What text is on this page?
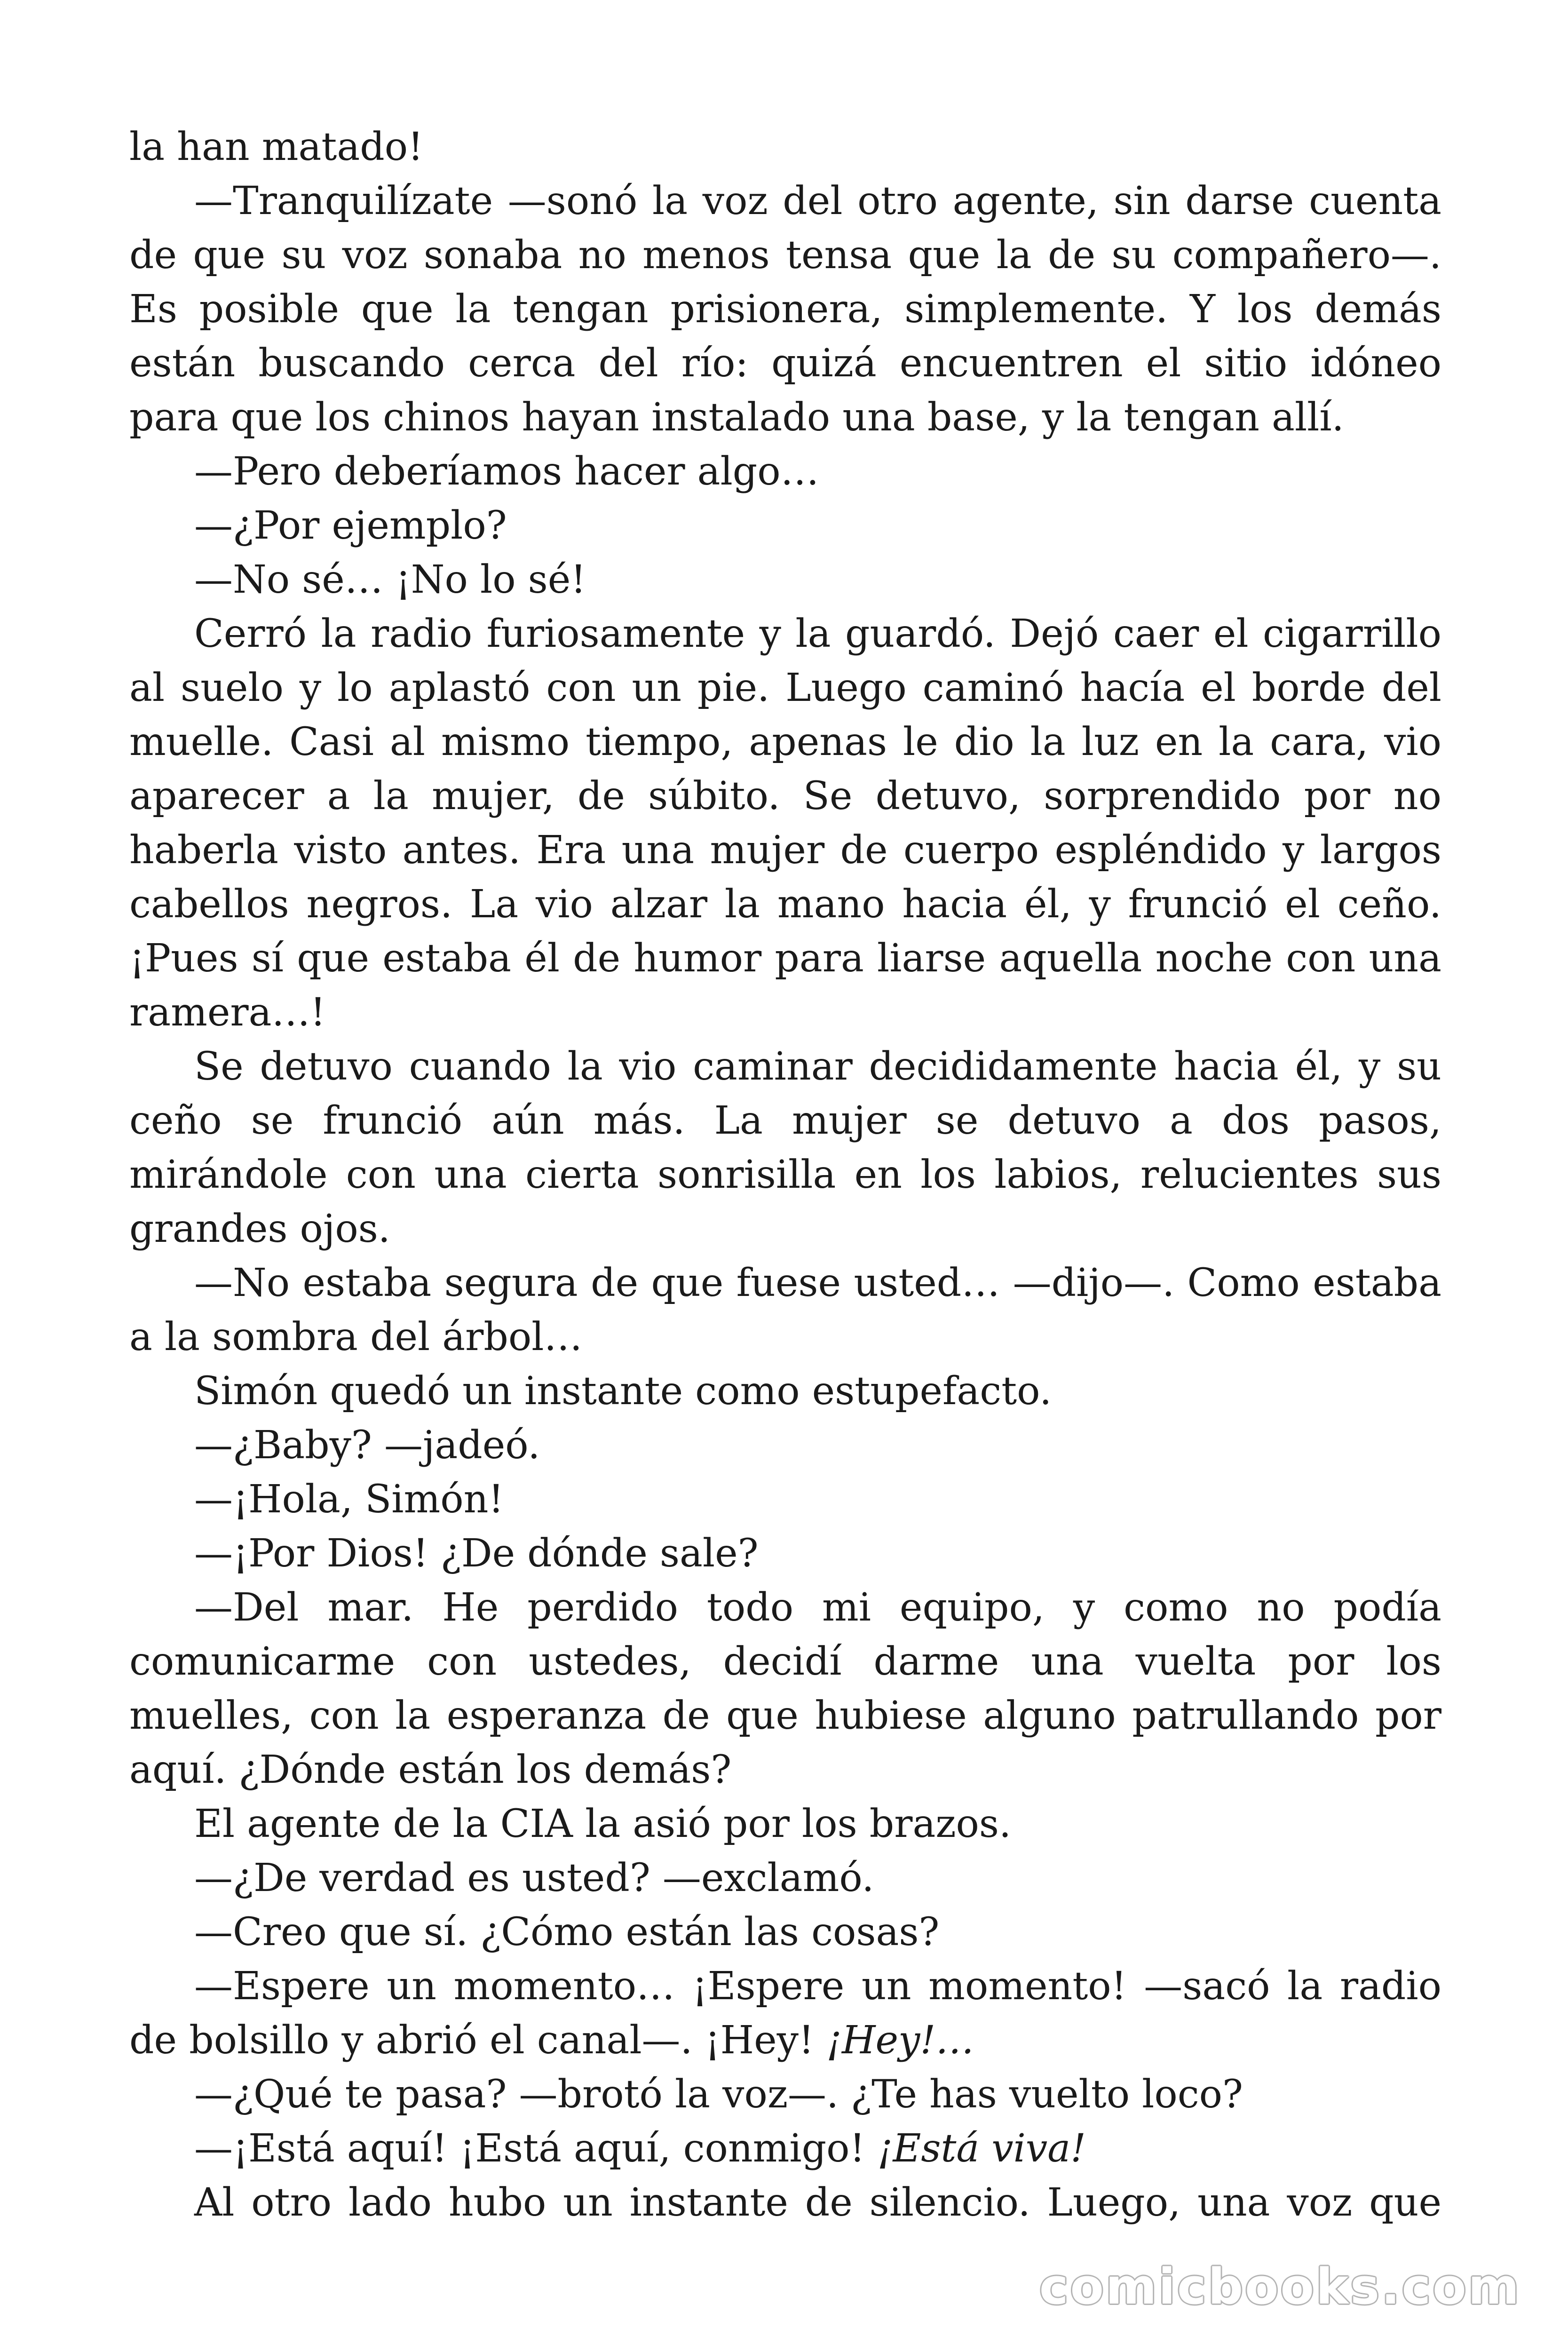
la han matado!

—Tranquilízate —sonó la voz del otro agente, sin darse cuenta de que su voz sonaba no menos tensa que la de su compañero—. Es posible que la tengan prisionera, simplemente. Y los demás están buscando cerca del río: quizá encuentren el sitio idóneo para que los chinos hayan instalado una base, y la tengan allí.

—Pero deberíamos hacer algo…

—¿Por ejemplo?

—No sé… ¡No lo sé!

Cerró la radio furiosamente y la guardó. Dejó caer el cigarrillo al suelo y lo aplastó con un pie. Luego caminó hacía el borde del muelle. Casi al mismo tiempo, apenas le dio la luz en la cara, vio aparecer a la mujer, de súbito. Se detuvo, sorprendido por no haberla visto antes. Era una mujer de cuerpo espléndido y largos cabellos negros. La vio alzar la mano hacia él, y frunció el ceño. ¡Pues sí que estaba él de humor para liarse aquella noche con una ramera…!

Se detuvo cuando la vio caminar decididamente hacia él, y su ceño se frunció aún más. La mujer se detuvo a dos pasos, mirándole con una cierta sonrisilla en los labios, relucientes sus grandes ojos.

—No estaba segura de que fuese usted… —dijo—. Como estaba a la sombra del árbol…

Simón quedó un instante como estupefacto.

—¿Baby? —jadeó.

—¡Hola, Simón!

—¡Por Dios! ¿De dónde sale?

—Del mar. He perdido todo mi equipo, y como no podía comunicarme con ustedes, decidí darme una vuelta por los muelles, con la esperanza de que hubiese alguno patrullando por aquí. ¿Dónde están los demás?

El agente de la CIA la asió por los brazos.

—¿De verdad es usted? —exclamó.

—Creo que sí. ¿Cómo están las cosas?

—Espere un momento… ¡Espere un momento! —sacó la radio de bolsillo y abrió el canal—. ¡Hey! ¡Hey!…

—¿Qué te pasa? —brotó la voz—. ¿Te has vuelto loco?

—¡Está aquí! ¡Está aquí, conmigo! ¡Está viva!

Al otro lado hubo un instante de silencio. Luego, una voz que

comicbooks.com
